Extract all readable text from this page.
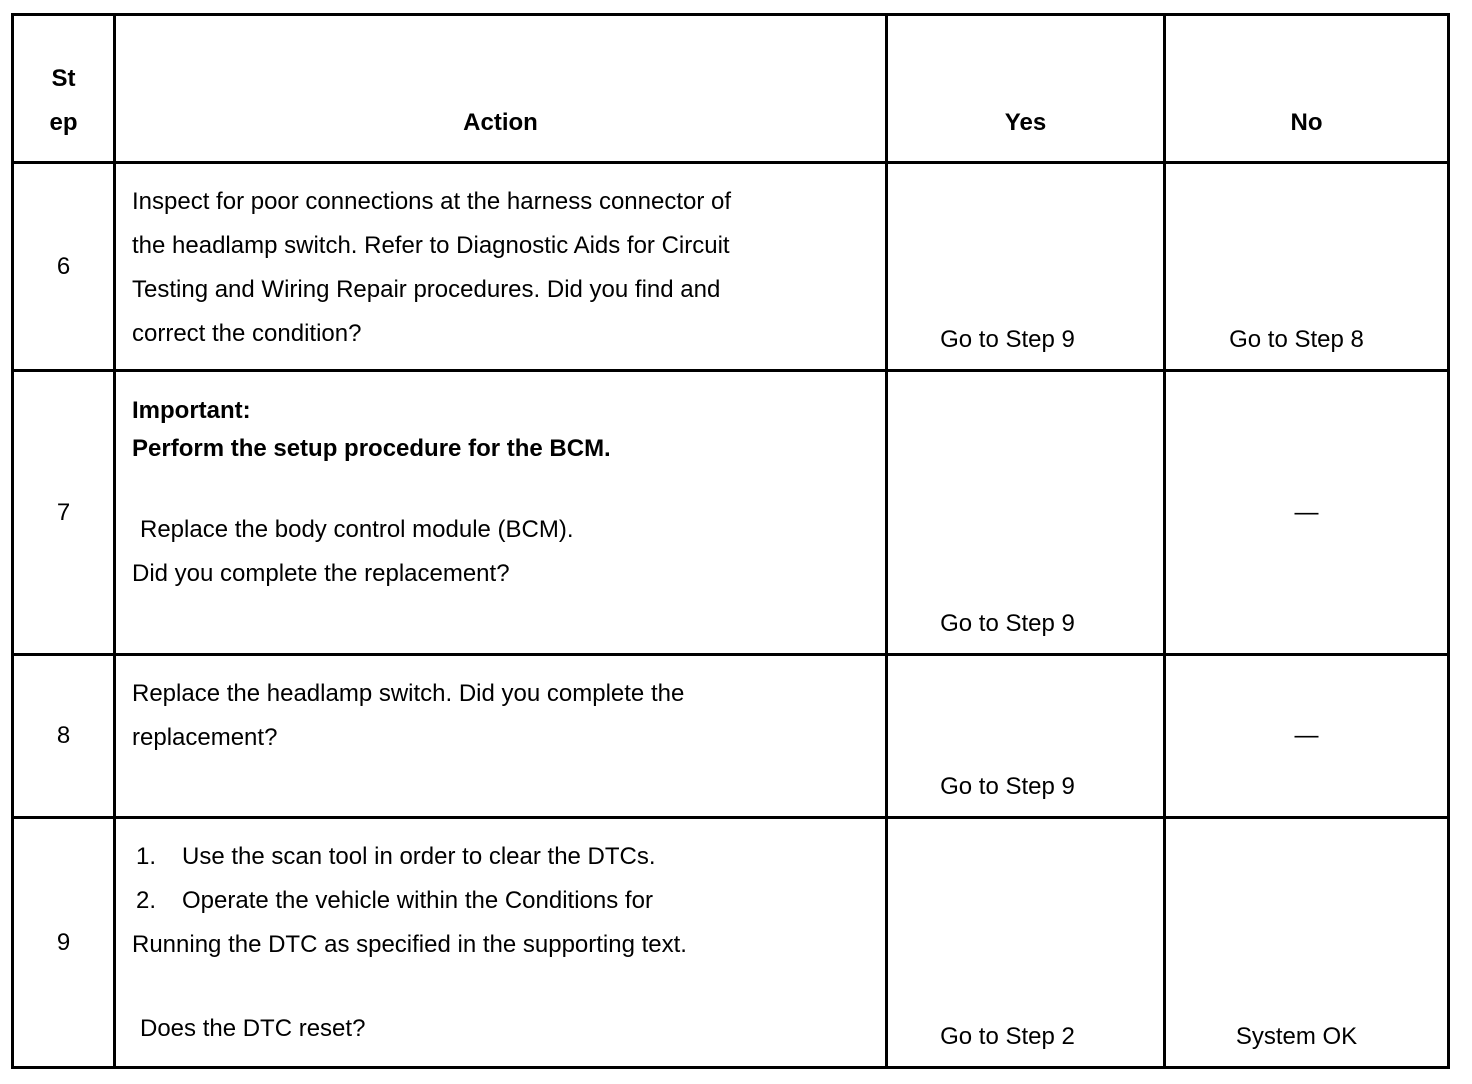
St
ep	Action	Yes	No
6	Inspect for poor connections at the harness connector of
the headlamp switch. Refer to Diagnostic Aids for Circuit
Testing and Wiring Repair procedures. Did you find and
correct the condition?	Go to Step 9	Go to Step 8

7	Important:
Perform the setup procedure for the BCM.
Replace the body control module (BCM).
Did you complete the replacement?	Go to Step 9	—

8	Replace the headlamp switch. Did you complete the
replacement?	Go to Step 9	—

9	1. Use the scan tool in order to clear the DTCs.
2. Operate the vehicle within the Conditions for
Running the DTC as specified in the supporting text.
Does the DTC reset?	Go to Step 2	System OK
